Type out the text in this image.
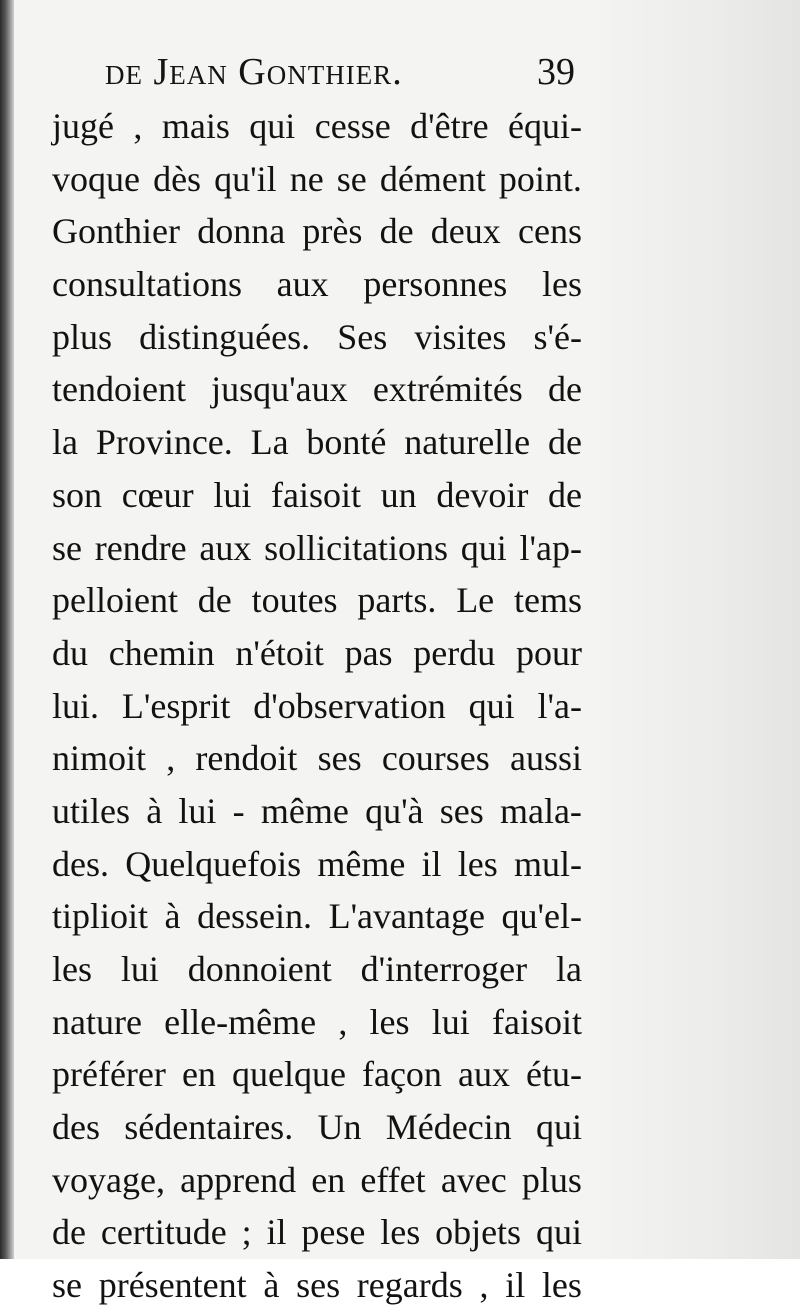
de Jean Gonthier.	39
jugé , mais qui cesse d'être équi-
voque dès qu'il ne se dément point.
Gonthier donna près de deux cens
consultations aux personnes les
plus distinguées. Ses visites s'é-
tendoient jusqu'aux extrémités de
la Province. La bonté naturelle de
son cœur lui faisoit un devoir de
se rendre aux sollicitations qui l'ap-
pelloient de toutes parts. Le tems
du chemin n'étoit pas perdu pour
lui. L'esprit d'observation qui l'a-
nimoit , rendoit ses courses aussi
utiles à lui - même qu'à ses mala-
des. Quelquefois même il les mul-
tiplioit à dessein. L'avantage qu'el-
les lui donnoient d'interroger la
nature elle-même , les lui faisoit
préférer en quelque façon aux étu-
des sédentaires. Un Médecin qui
voyage, apprend en effet avec plus
de certitude ; il pese les objets qui
se présentent à ses regards , il les
